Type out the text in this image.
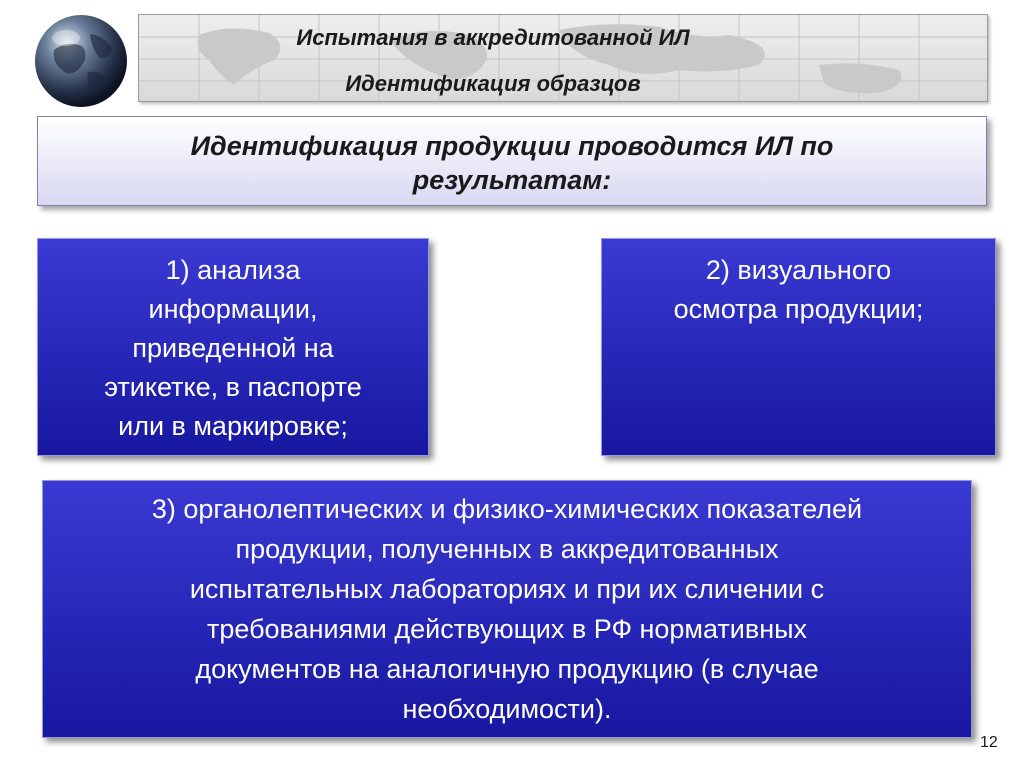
Испытания в аккредитованной ИЛ
Идентификация образцов
Идентификация продукции проводится ИЛ по
результатам:
1) анализа
информации,
приведенной на
этикетке, в паспорте
или в маркировке;
2) визуального
осмотра продукции;
3) органолептических и физико-химических показателей
продукции, полученных в аккредитованных
испытательных лабораториях и при их сличении с
требованиями действующих в РФ нормативных
документов на аналогичную продукцию (в случае
необходимости).
12
